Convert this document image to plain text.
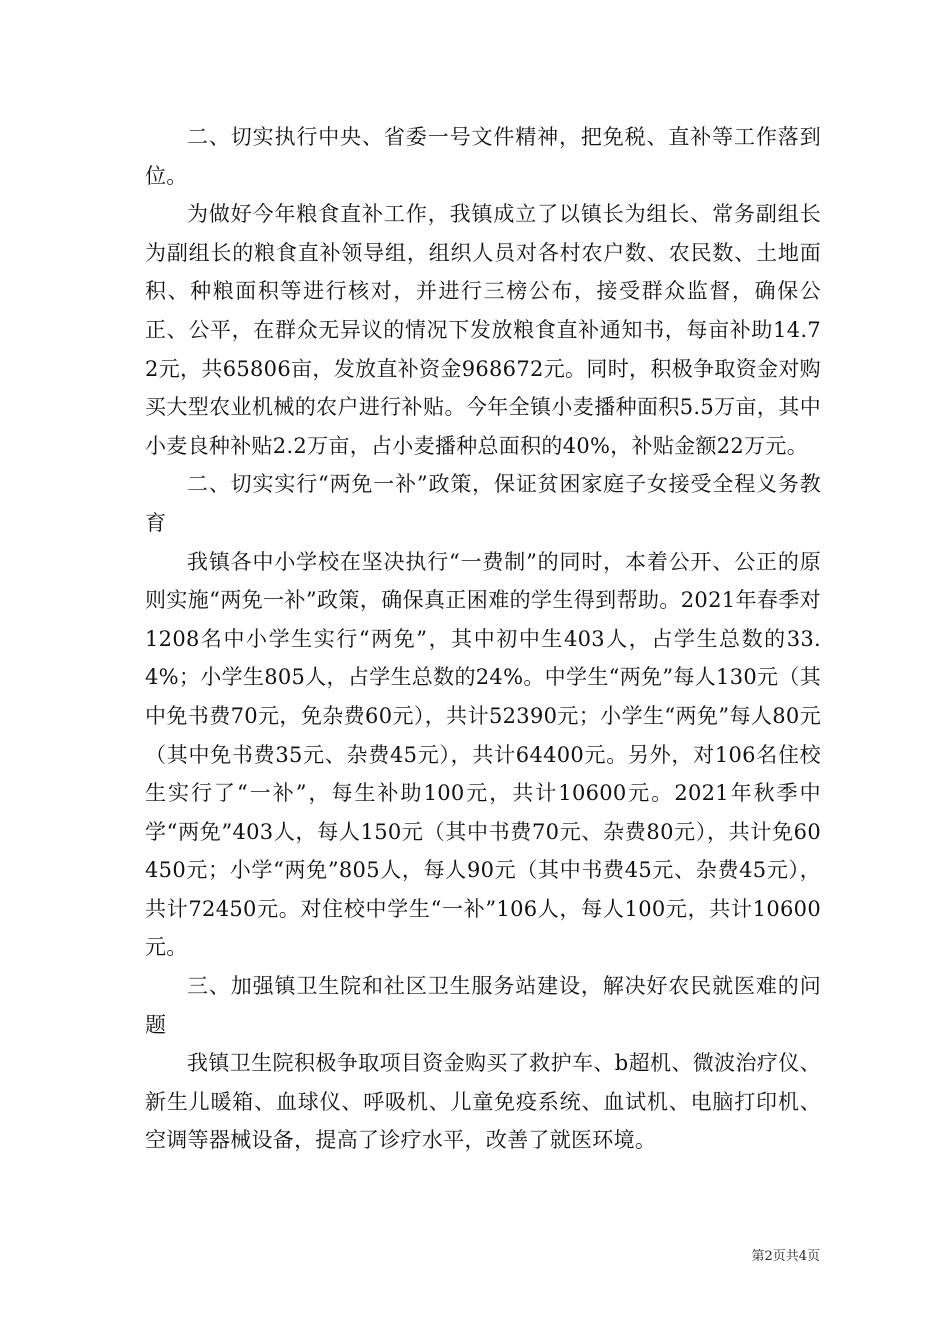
二、切实执行中央、省委一号文件精神，把免税、直补等工作落到位。

为做好今年粮食直补工作，我镇成立了以镇长为组长、常务副组长为副组长的粮食直补领导组，组织人员对各村农户数、农民数、土地面积、种粮面积等进行核对，并进行三榜公布，接受群众监督，确保公正、公平，在群众无异议的情况下发放粮食直补通知书，每亩补助14.72元，共65806亩，发放直补资金968672元。同时，积极争取资金对购买大型农业机械的农户进行补贴。今年全镇小麦播种面积5.5万亩，其中小麦良种补贴2.2万亩，占小麦播种总面积的40%，补贴金额22万元。

二、切实实行“两免一补”政策，保证贫困家庭子女接受全程义务教育

我镇各中小学校在坚决执行“一费制”的同时，本着公开、公正的原则实施“两免一补”政策，确保真正困难的学生得到帮助。2021年春季对1208名中小学生实行“两免”，其中初中生403人，占学生总数的33.4%；小学生805人，占学生总数的24%。中学生“两免”每人130元（其中免书费70元，免杂费60元），共计52390元；小学生“两免”每人80元（其中免书费35元、杂费45元），共计64400元。另外，对106名住校生实行了“一补”，每生补助100元，共计10600元。2021年秋季中学“两免”403人，每人150元（其中书费70元、杂费80元），共计免60450元；小学“两免”805人，每人90元（其中书费45元、杂费45元），共计72450元。对住校中学生“一补”106人，每人100元，共计10600元。

三、加强镇卫生院和社区卫生服务站建设，解决好农民就医难的问题

我镇卫生院积极争取项目资金购买了救护车、b超机、微波治疗仪、新生儿暖箱、血球仪、呼吸机、儿童免疫系统、血试机、电脑打印机、空调等器械设备，提高了诊疗水平，改善了就医环境。

第2页共4页
